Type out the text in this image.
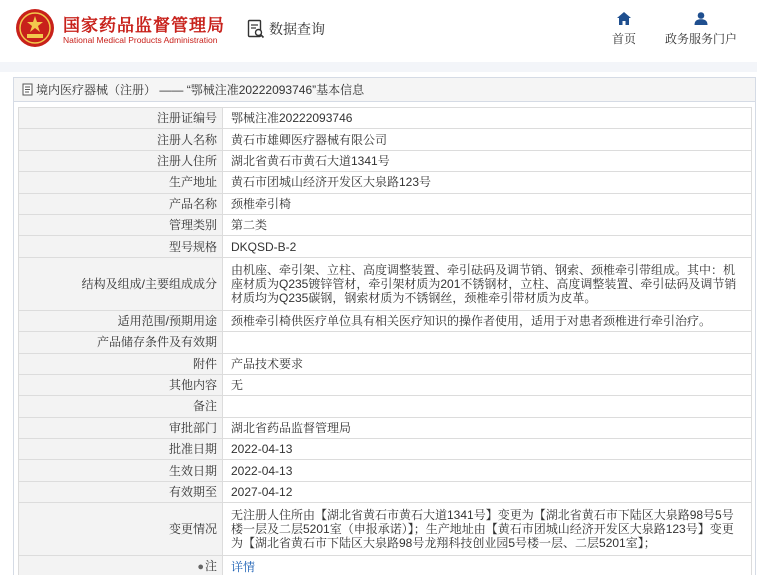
国家药品监督管理局
National Medical Products Administration
数据查询
首页	政务服务门户
境内医疗器械（注册） —— “鄂械注准20222093746”基本信息
注册证编号	鄂械注准20222093746
注册人名称	黄石市雄卿医疗器械有限公司
注册人住所	湖北省黄石市黄石大道1341号
生产地址	黄石市团城山经济开发区大泉路123号
产品名称	颈椎牵引椅
管理类别	第二类
型号规格	DKQSD-B-2
结构及组成/主要组成成分	由机座、牵引架、立柱、高度调整装置、牵引砝码及调节销、钢索、颈椎牵引带组成。其中：机座材质为Q235镀锌管材，牵引架材质为201不锈钢材，立柱、高度调整装置、牵引砝码及调节销材质均为Q235碳钢，钢索材质为不锈钢丝，颈椎牵引带材质为皮革。
适用范围/预期用途	颈椎牵引椅供医疗单位具有相关医疗知识的操作者使用，适用于对患者颈椎进行牵引治疗。
产品储存条件及有效期	
附件	产品技术要求
其他内容	无
备注	
审批部门	湖北省药品监督管理局
批准日期	2022-04-13
生效日期	2022-04-13
有效期至	2027-04-12
变更情况	无注册人住所由【湖北省黄石市黄石大道1341号】变更为【湖北省黄石市下陆区大泉路98号5号楼一层及二层5201室（申报承诺）】；生产地址由【黄石市团城山经济开发区大泉路123号】变更为【湖北省黄石市下陆区大泉路98号龙翔科技创业园5号楼一层、二层5201室】；
●注	详情
